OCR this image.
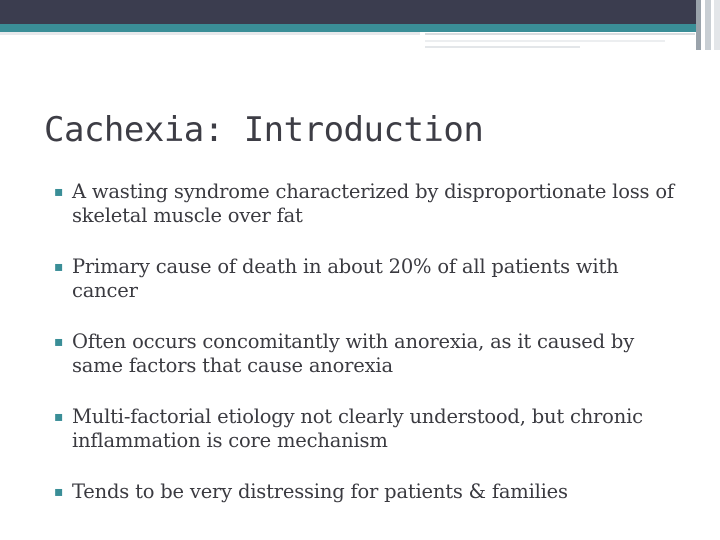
Cachexia: Introduction
▪ A wasting syndrome characterized by disproportionate loss of skeletal muscle over fat
▪ Primary cause of death in about 20% of all patients with cancer
▪ Often occurs concomitantly with anorexia, as it caused by same factors that cause anorexia
▪ Multi-factorial etiology not clearly understood, but chronic inflammation is core mechanism
▪ Tends to be very distressing for patients & families
